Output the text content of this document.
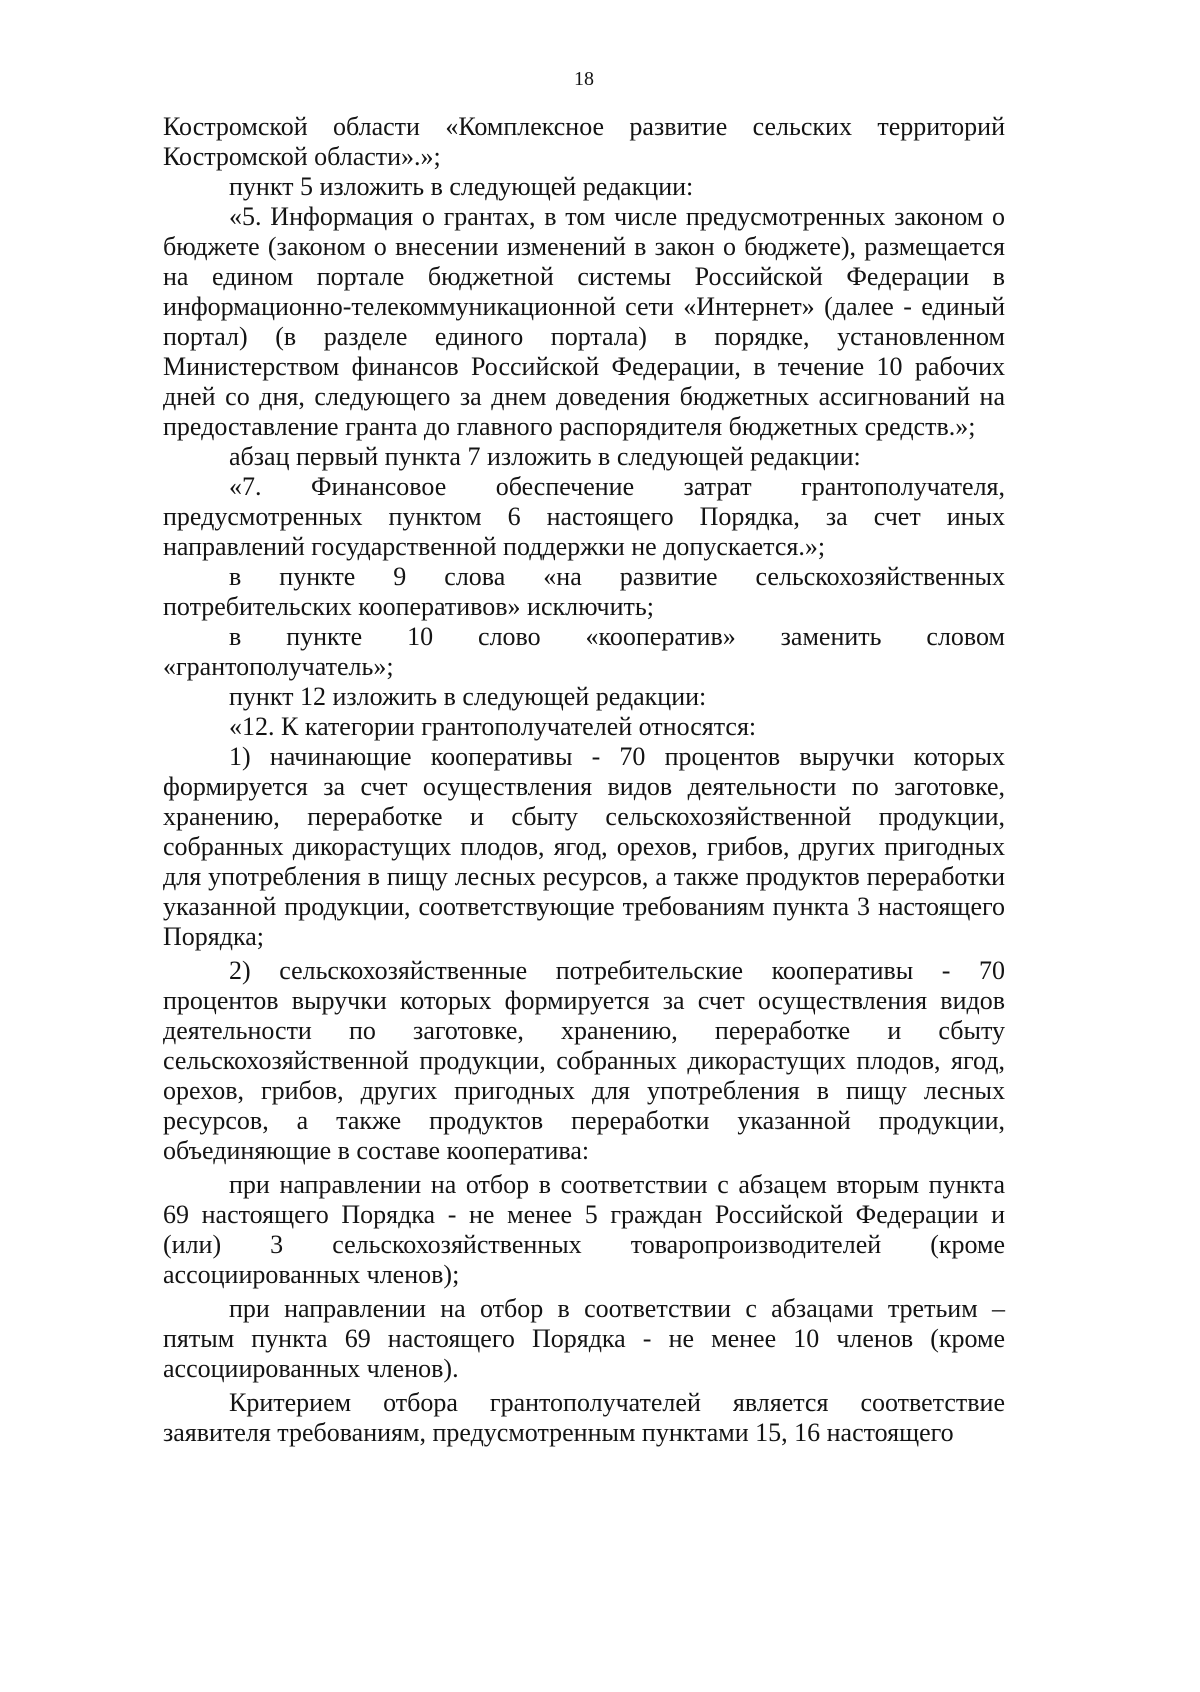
18

Костромской области «Комплексное развитие сельских территорий Костромской области».»;

пункт 5 изложить в следующей редакции:

«5. Информация о грантах, в том числе предусмотренных законом о бюджете (законом о внесении изменений в закон о бюджете), размещается на едином портале бюджетной системы Российской Федерации в информационно-телекоммуникационной сети «Интернет» (далее - единый портал) (в разделе единого портала) в порядке, установленном Министерством финансов Российской Федерации, в течение 10 рабочих дней со дня, следующего за днем доведения бюджетных ассигнований на предоставление гранта до главного распорядителя бюджетных средств.»;

абзац первый пункта 7 изложить в следующей редакции:

«7. Финансовое обеспечение затрат грантополучателя, предусмотренных пунктом 6 настоящего Порядка, за счет иных направлений государственной поддержки не допускается.»;

в пункте 9 слова «на развитие сельскохозяйственных потребительских кооперативов» исключить;

в пункте 10 слово «кооператив» заменить словом «грантополучатель»;

пункт 12 изложить в следующей редакции:

«12. К категории грантополучателей относятся:

1) начинающие кооперативы - 70 процентов выручки которых формируется за счет осуществления видов деятельности по заготовке, хранению, переработке и сбыту сельскохозяйственной продукции, собранных дикорастущих плодов, ягод, орехов, грибов, других пригодных для употребления в пищу лесных ресурсов, а также продуктов переработки указанной продукции, соответствующие требованиям пункта 3 настоящего Порядка;

2) сельскохозяйственные потребительские кооперативы - 70 процентов выручки которых формируется за счет осуществления видов деятельности по заготовке, хранению, переработке и сбыту сельскохозяйственной продукции, собранных дикорастущих плодов, ягод, орехов, грибов, других пригодных для употребления в пищу лесных ресурсов, а также продуктов переработки указанной продукции, объединяющие в составе кооператива:

при направлении на отбор в соответствии с абзацем вторым пункта 69 настоящего Порядка - не менее 5 граждан Российской Федерации и (или) 3 сельскохозяйственных товаропроизводителей (кроме ассоциированных членов);

при направлении на отбор в соответствии с абзацами третьим – пятым пункта 69 настоящего Порядка - не менее 10 членов (кроме ассоциированных членов).

Критерием отбора грантополучателей является соответствие заявителя требованиям, предусмотренным пунктами 15, 16 настоящего
